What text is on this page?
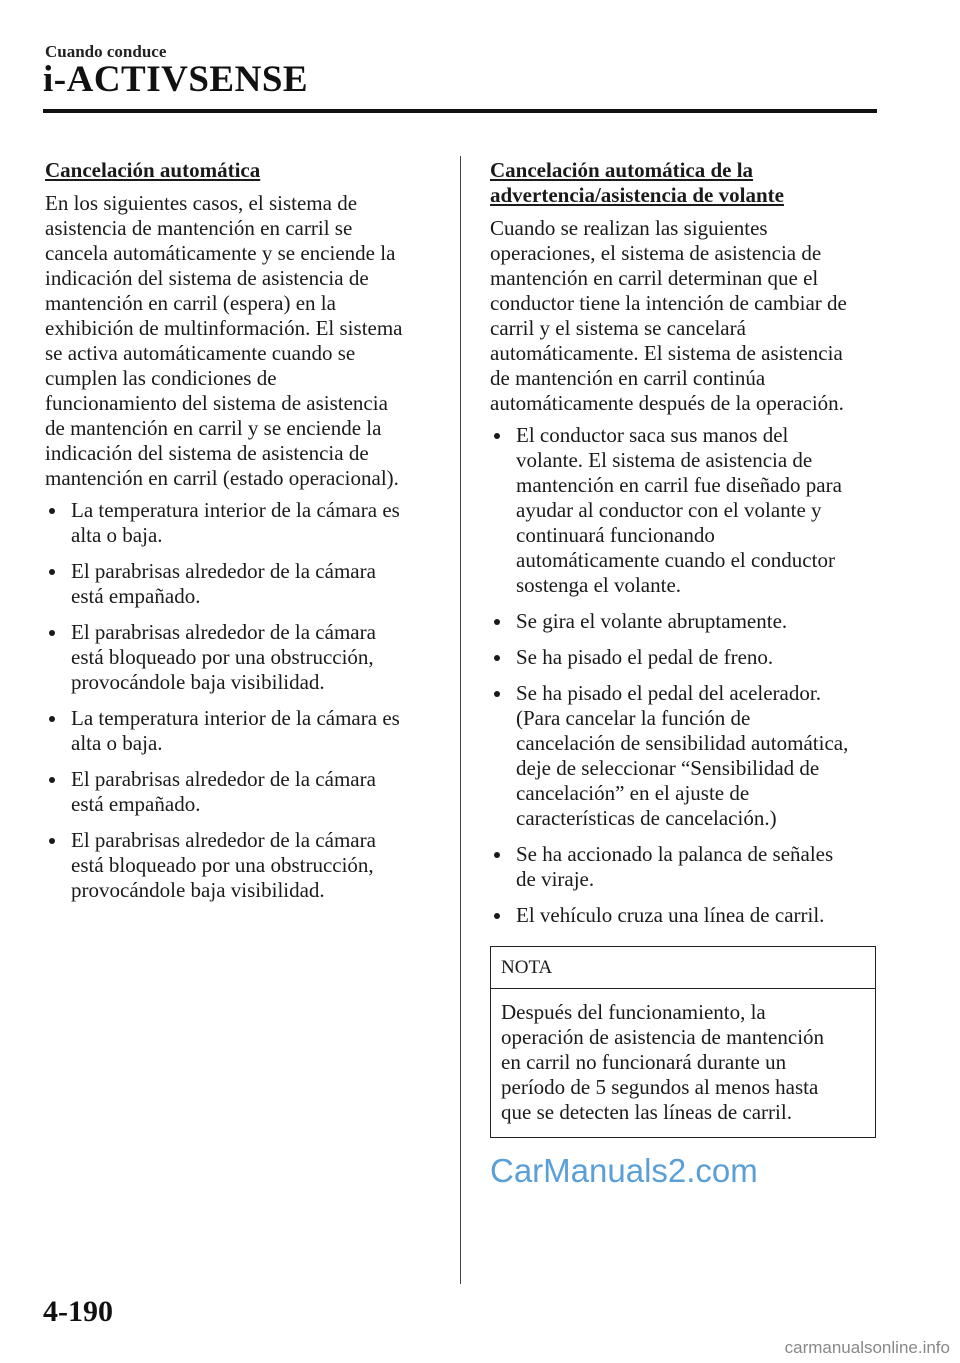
Cuando conduce
i-ACTIVSENSE
Cancelación automática
En los siguientes casos, el sistema de
asistencia de mantención en carril se
cancela automáticamente y se enciende la
indicación del sistema de asistencia de
mantención en carril (espera) en la
exhibición de multinformación. El sistema
se activa automáticamente cuando se
cumplen las condiciones de
funcionamiento del sistema de asistencia
de mantención en carril y se enciende la
indicación del sistema de asistencia de
mantención en carril (estado operacional).
La temperatura interior de la cámara es
alta o baja.
El parabrisas alrededor de la cámara
está empañado.
El parabrisas alrededor de la cámara
está bloqueado por una obstrucción,
provocándole baja visibilidad.
La temperatura interior de la cámara es
alta o baja.
El parabrisas alrededor de la cámara
está empañado.
El parabrisas alrededor de la cámara
está bloqueado por una obstrucción,
provocándole baja visibilidad.
Cancelación automática de la
advertencia/asistencia de volante
Cuando se realizan las siguientes
operaciones, el sistema de asistencia de
mantención en carril determinan que el
conductor tiene la intención de cambiar de
carril y el sistema se cancelará
automáticamente. El sistema de asistencia
de mantención en carril continúa
automáticamente después de la operación.
El conductor saca sus manos del
volante. El sistema de asistencia de
mantención en carril fue diseñado para
ayudar al conductor con el volante y
continuará funcionando
automáticamente cuando el conductor
sostenga el volante.
Se gira el volante abruptamente.
Se ha pisado el pedal de freno.
Se ha pisado el pedal del acelerador.
(Para cancelar la función de
cancelación de sensibilidad automática,
deje de seleccionar “Sensibilidad de
cancelación” en el ajuste de
características de cancelación.)
Se ha accionado la palanca de señales
de viraje.
El vehículo cruza una línea de carril.
NOTA
Después del funcionamiento, la
operación de asistencia de mantención
en carril no funcionará durante un
período de 5 segundos al menos hasta
que se detecten las líneas de carril.
CarManuals2.com
4-190
carmanualsonline.info
